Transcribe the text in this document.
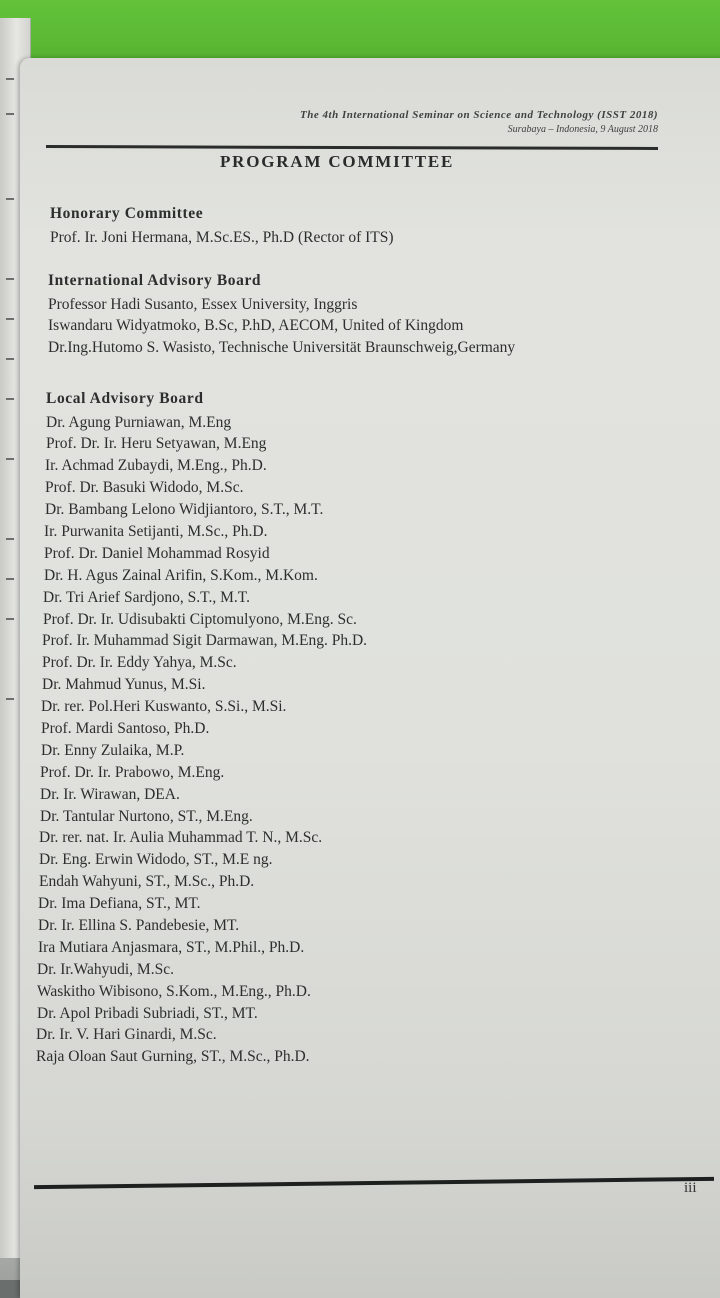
The 4th International Seminar on Science and Technology (ISST 2018)
Surabaya – Indonesia, 9 August 2018
PROGRAM COMMITTEE
Honorary Committee
Prof. Ir. Joni Hermana, M.Sc.ES., Ph.D (Rector of ITS)
International Advisory Board
Professor Hadi Susanto, Essex University, Inggris
Iswandaru Widyatmoko, B.Sc, P.hD, AECOM, United of Kingdom
Dr.Ing.Hutomo S. Wasisto, Technische Universität Braunschweig,Germany
Local Advisory Board
Dr. Agung Purniawan, M.Eng
Prof. Dr. Ir. Heru Setyawan, M.Eng
Ir. Achmad Zubaydi, M.Eng., Ph.D.
Prof. Dr. Basuki Widodo, M.Sc.
Dr. Bambang Lelono Widjiantoro, S.T., M.T.
Ir. Purwanita Setijanti, M.Sc., Ph.D.
Prof. Dr. Daniel Mohammad Rosyid
Dr. H. Agus Zainal Arifin, S.Kom., M.Kom.
Dr. Tri Arief Sardjono, S.T., M.T.
Prof. Dr. Ir. Udisubakti Ciptomulyono, M.Eng. Sc.
Prof. Ir. Muhammad Sigit Darmawan, M.Eng. Ph.D.
Prof. Dr. Ir. Eddy Yahya, M.Sc.
Dr. Mahmud Yunus, M.Si.
Dr. rer. Pol.Heri Kuswanto, S.Si., M.Si.
Prof. Mardi Santoso, Ph.D.
Dr. Enny Zulaika, M.P.
Prof. Dr. Ir. Prabowo, M.Eng.
Dr. Ir. Wirawan, DEA.
Dr. Tantular Nurtono, ST., M.Eng.
Dr. rer. nat. Ir. Aulia Muhammad T. N., M.Sc.
Dr. Eng. Erwin Widodo, ST., M.E ng.
Endah Wahyuni, ST., M.Sc., Ph.D.
Dr. Ima Defiana, ST., MT.
Dr. Ir. Ellina S. Pandebesie, MT.
Ira Mutiara Anjasmara, ST., M.Phil., Ph.D.
Dr. Ir.Wahyudi, M.Sc.
Waskitho Wibisono, S.Kom., M.Eng., Ph.D.
Dr. Apol Pribadi Subriadi, ST., MT.
Dr. Ir. V. Hari Ginardi, M.Sc.
Raja Oloan Saut Gurning, ST., M.Sc., Ph.D.
iii
